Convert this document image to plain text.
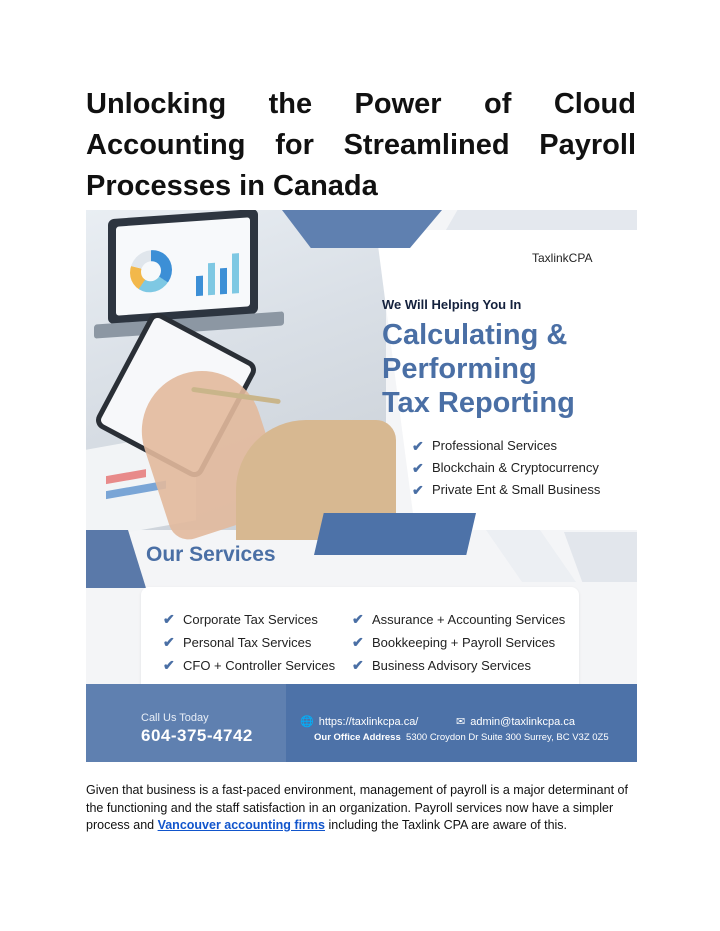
Unlocking the Power of Cloud Accounting for Streamlined Payroll Processes in Canada
TaxlinkCPA
We Will Helping You In
Calculating &
Performing
Tax Reporting
✔ Professional Services
✔ Blockchain & Cryptocurrency
✔ Private Ent & Small Business
Our Services
✔ Corporate Tax Services
✔ Personal Tax Services
✔ CFO + Controller Services
✔ Assurance + Accounting Services
✔ Bookkeeping + Payroll Services
✔ Business Advisory Services
Call Us Today
604-375-4742
🌐 https://taxlinkcpa.ca/	✉ admin@taxlinkcpa.ca
Our Office Address 5300 Croydon Dr Suite 300 Surrey, BC V3Z 0Z5

Given that business is a fast-paced environment, management of payroll is a major determinant of the functioning and the staff satisfaction in an organization. Payroll services now have a simpler process and Vancouver accounting firms including the Taxlink CPA are aware of this.
